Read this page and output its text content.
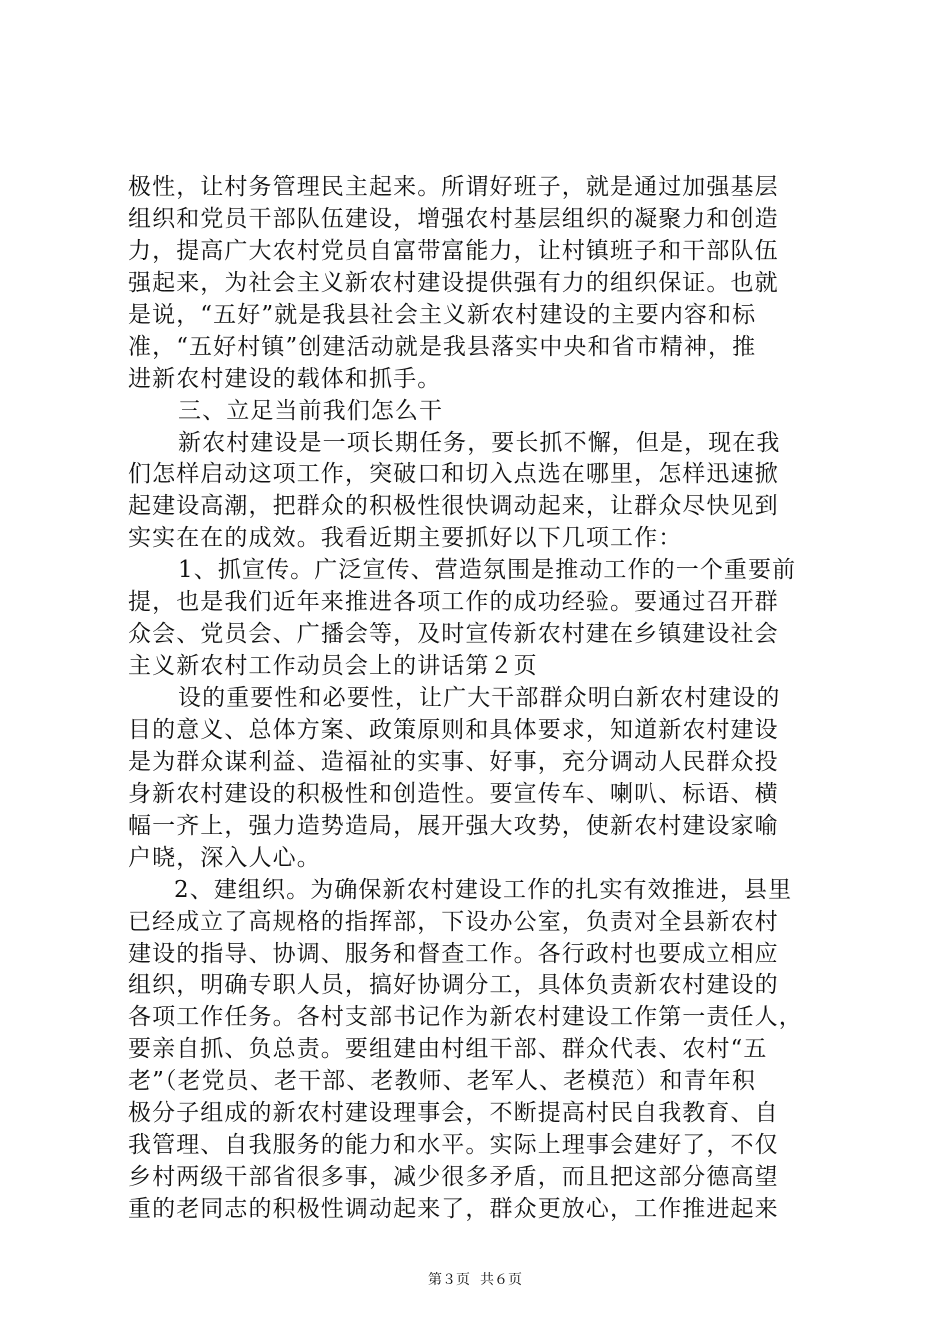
极性，让村务管理民主起来。所谓好班子，就是通过加强基层
组织和党员干部队伍建设，增强农村基层组织的凝聚力和创造
力，提高广大农村党员自富带富能力，让村镇班子和干部队伍
强起来，为社会主义新农村建设提供强有力的组织保证。也就
是说，“五好”就是我县社会主义新农村建设的主要内容和标
准，“五好村镇”创建活动就是我县落实中央和省市精神，推
进新农村建设的载体和抓手。
三、立足当前我们怎么干
新农村建设是一项长期任务，要长抓不懈，但是，现在我
们怎样启动这项工作，突破口和切入点选在哪里，怎样迅速掀
起建设高潮，把群众的积极性很快调动起来，让群众尽快见到
实实在在的成效。我看近期主要抓好以下几项工作：
1、抓宣传。广泛宣传、营造氛围是推动工作的一个重要前
提，也是我们近年来推进各项工作的成功经验。要通过召开群
众会、党员会、广播会等，及时宣传新农村建在乡镇建设社会
主义新农村工作动员会上的讲话第２页
设的重要性和必要性，让广大干部群众明白新农村建设的
目的意义、总体方案、政策原则和具体要求，知道新农村建设
是为群众谋利益、造福祉的实事、好事，充分调动人民群众投
身新农村建设的积极性和创造性。要宣传车、喇叭、标语、横
幅一齐上，强力造势造局，展开强大攻势，使新农村建设家喻
户晓，深入人心。
2、建组织。为确保新农村建设工作的扎实有效推进，县里
已经成立了高规格的指挥部，下设办公室，负责对全县新农村
建设的指导、协调、服务和督查工作。各行政村也要成立相应
组织，明确专职人员，搞好协调分工，具体负责新农村建设的
各项工作任务。各村支部书记作为新农村建设工作第一责任人，
要亲自抓、负总责。要组建由村组干部、群众代表、农村“五
老”（老党员、老干部、老教师、老军人、老模范）和青年积
极分子组成的新农村建设理事会，不断提高村民自我教育、自
我管理、自我服务的能力和水平。实际上理事会建好了，不仅
乡村两级干部省很多事，减少很多矛盾，而且把这部分德高望
重的老同志的积极性调动起来了，群众更放心，工作推进起来
第３页 共６页
